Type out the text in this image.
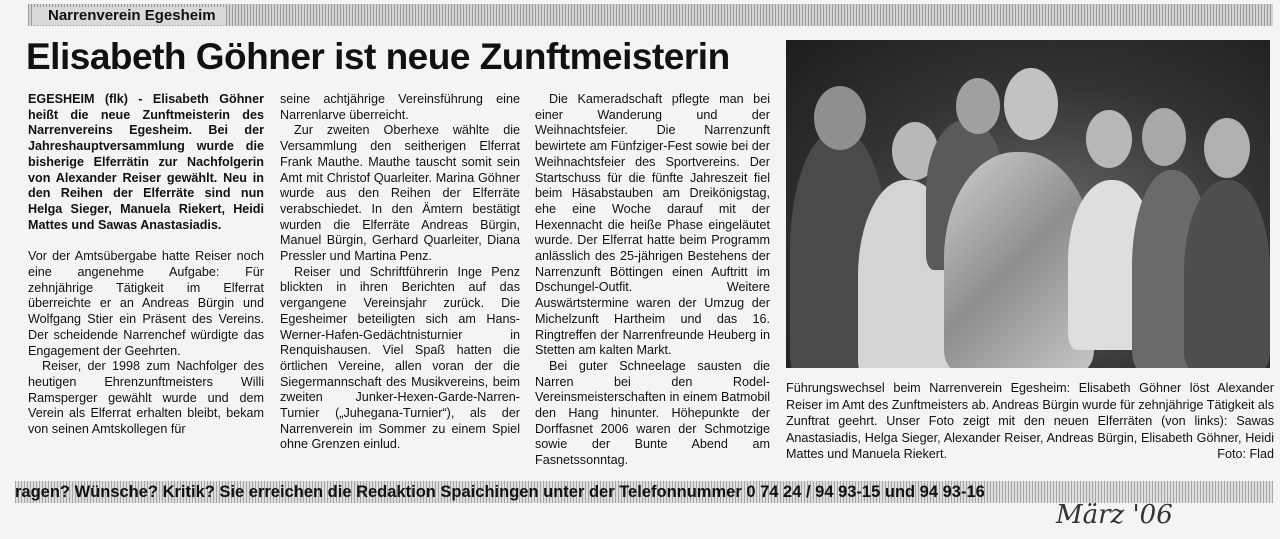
Narrenverein Egesheim
Elisabeth Göhner ist neue Zunftmeisterin

EGESHEIM (flk) - Elisabeth Göhner heißt die neue Zunftmeisterin des Narrenvereins Egesheim. Bei der Jahreshauptversammlung wurde die bisherige Elferrätin zur Nachfolgerin von Alexander Reiser gewählt. Neu in den Reihen der Elferräte sind nun Helga Sieger, Manuela Riekert, Heidi Mattes und Sawas Anastasiadis.

Vor der Amtsübergabe hatte Reiser noch eine angenehme Aufgabe: Für zehnjährige Tätigkeit im Elferrat überreichte er an Andreas Bürgin und Wolfgang Stier ein Präsent des Vereins. Der scheidende Narrenchef würdigte das Engagement der Geehrten.

Reiser, der 1998 zum Nachfolger des heutigen Ehrenzunftmeisters Willi Ramsperger gewählt wurde und dem Verein als Elferrat erhalten bleibt, bekam von seinen Amtskollegen für

seine achtjährige Vereinsführung eine Narrenlarve überreicht.

Zur zweiten Oberhexe wählte die Versammlung den seitherigen Elferrat Frank Mauthe. Mauthe tauscht somit sein Amt mit Christof Quarleiter. Marina Göhner wurde aus den Reihen der Elferräte verabschiedet. In den Ämtern bestätigt wurden die Elferräte Andreas Bürgin, Manuel Bürgin, Gerhard Quarleiter, Diana Pressler und Martina Penz.

Reiser und Schriftführerin Inge Penz blickten in ihren Berichten auf das vergangene Vereinsjahr zurück. Die Egesheimer beteiligten sich am Hans-Werner-Hafen-Gedächtnisturnier in Renquishausen. Viel Spaß hatten die örtlichen Vereine, allen voran der die Siegermannschaft des Musikvereins, beim zweiten Junker-Hexen-Garde-Narren-Turnier („Juhegana-Turnier“), als der Narrenverein im Sommer zu einem Spiel ohne Grenzen einlud.

Die Kameradschaft pflegte man bei einer Wanderung und der Weihnachtsfeier. Die Narrenzunft bewirtete am Fünfziger-Fest sowie bei der Weihnachtsfeier des Sportvereins. Der Startschuss für die fünfte Jahreszeit fiel beim Häsabstauben am Dreikönigstag, ehe eine Woche darauf mit der Hexennacht die heiße Phase eingeläutet wurde. Der Elferrat hatte beim Programm anlässlich des 25-jährigen Bestehens der Narrenzunft Böttingen einen Auftritt im Dschungel-Outfit. Weitere Auswärtstermine waren der Umzug der Michelzunft Hartheim und das 16. Ringtreffen der Narrenfreunde Heuberg in Stetten am kalten Markt.

Bei guter Schneelage sausten die Narren bei den Rodel-Vereinsmeisterschaften in einem Batmobil den Hang hinunter. Höhepunkte der Dorffasnet 2006 waren der Schmotzige sowie der Bunte Abend am Fasnetssonntag.

Führungswechsel beim Narrenverein Egesheim: Elisabeth Göhner löst Alexander Reiser im Amt des Zunftmeisters ab. Andreas Bürgin wurde für zehnjährige Tätigkeit als Zunftrat geehrt. Unser Foto zeigt mit den neuen Elferräten (von links): Sawas Anastasiadis, Helga Sieger, Alexander Reiser, Andreas Bürgin, Elisabeth Göhner, Heidi Mattes und Manuela Riekert.	Foto: Flad
ragen? Wünsche? Kritik? Sie erreichen die Redaktion Spaichingen unter der Telefonnummer 0 74 24 / 94 93-15 und 94 93-16
März '06
